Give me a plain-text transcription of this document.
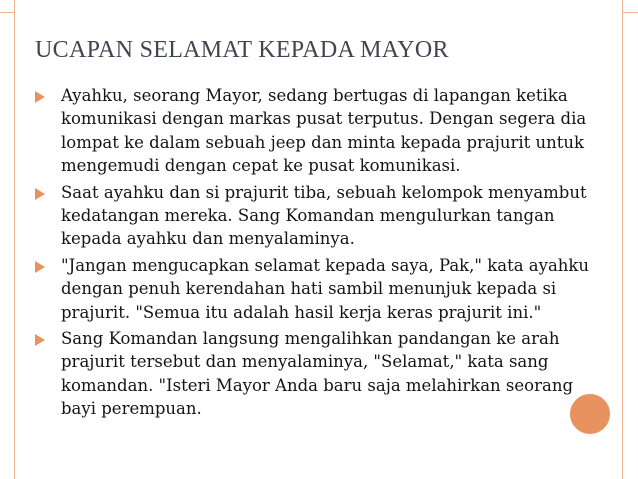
UCAPAN SELAMAT KEPADA MAYOR
Ayahku, seorang Mayor, sedang bertugas di lapangan ketika komunikasi dengan markas pusat terputus. Dengan segera dia lompat ke dalam sebuah jeep dan minta kepada prajurit untuk mengemudi dengan cepat ke pusat komunikasi.
Saat ayahku dan si prajurit tiba, sebuah kelompok menyambut kedatangan mereka. Sang Komandan mengulurkan tangan kepada ayahku dan menyalaminya.
"Jangan mengucapkan selamat kepada saya, Pak," kata ayahku dengan penuh kerendahan hati sambil menunjuk kepada si prajurit. "Semua itu adalah hasil kerja keras prajurit ini."
Sang Komandan langsung mengalihkan pandangan ke arah prajurit tersebut dan menyalaminya, "Selamat," kata sang komandan. "Isteri Mayor Anda baru saja melahirkan seorang bayi perempuan.
